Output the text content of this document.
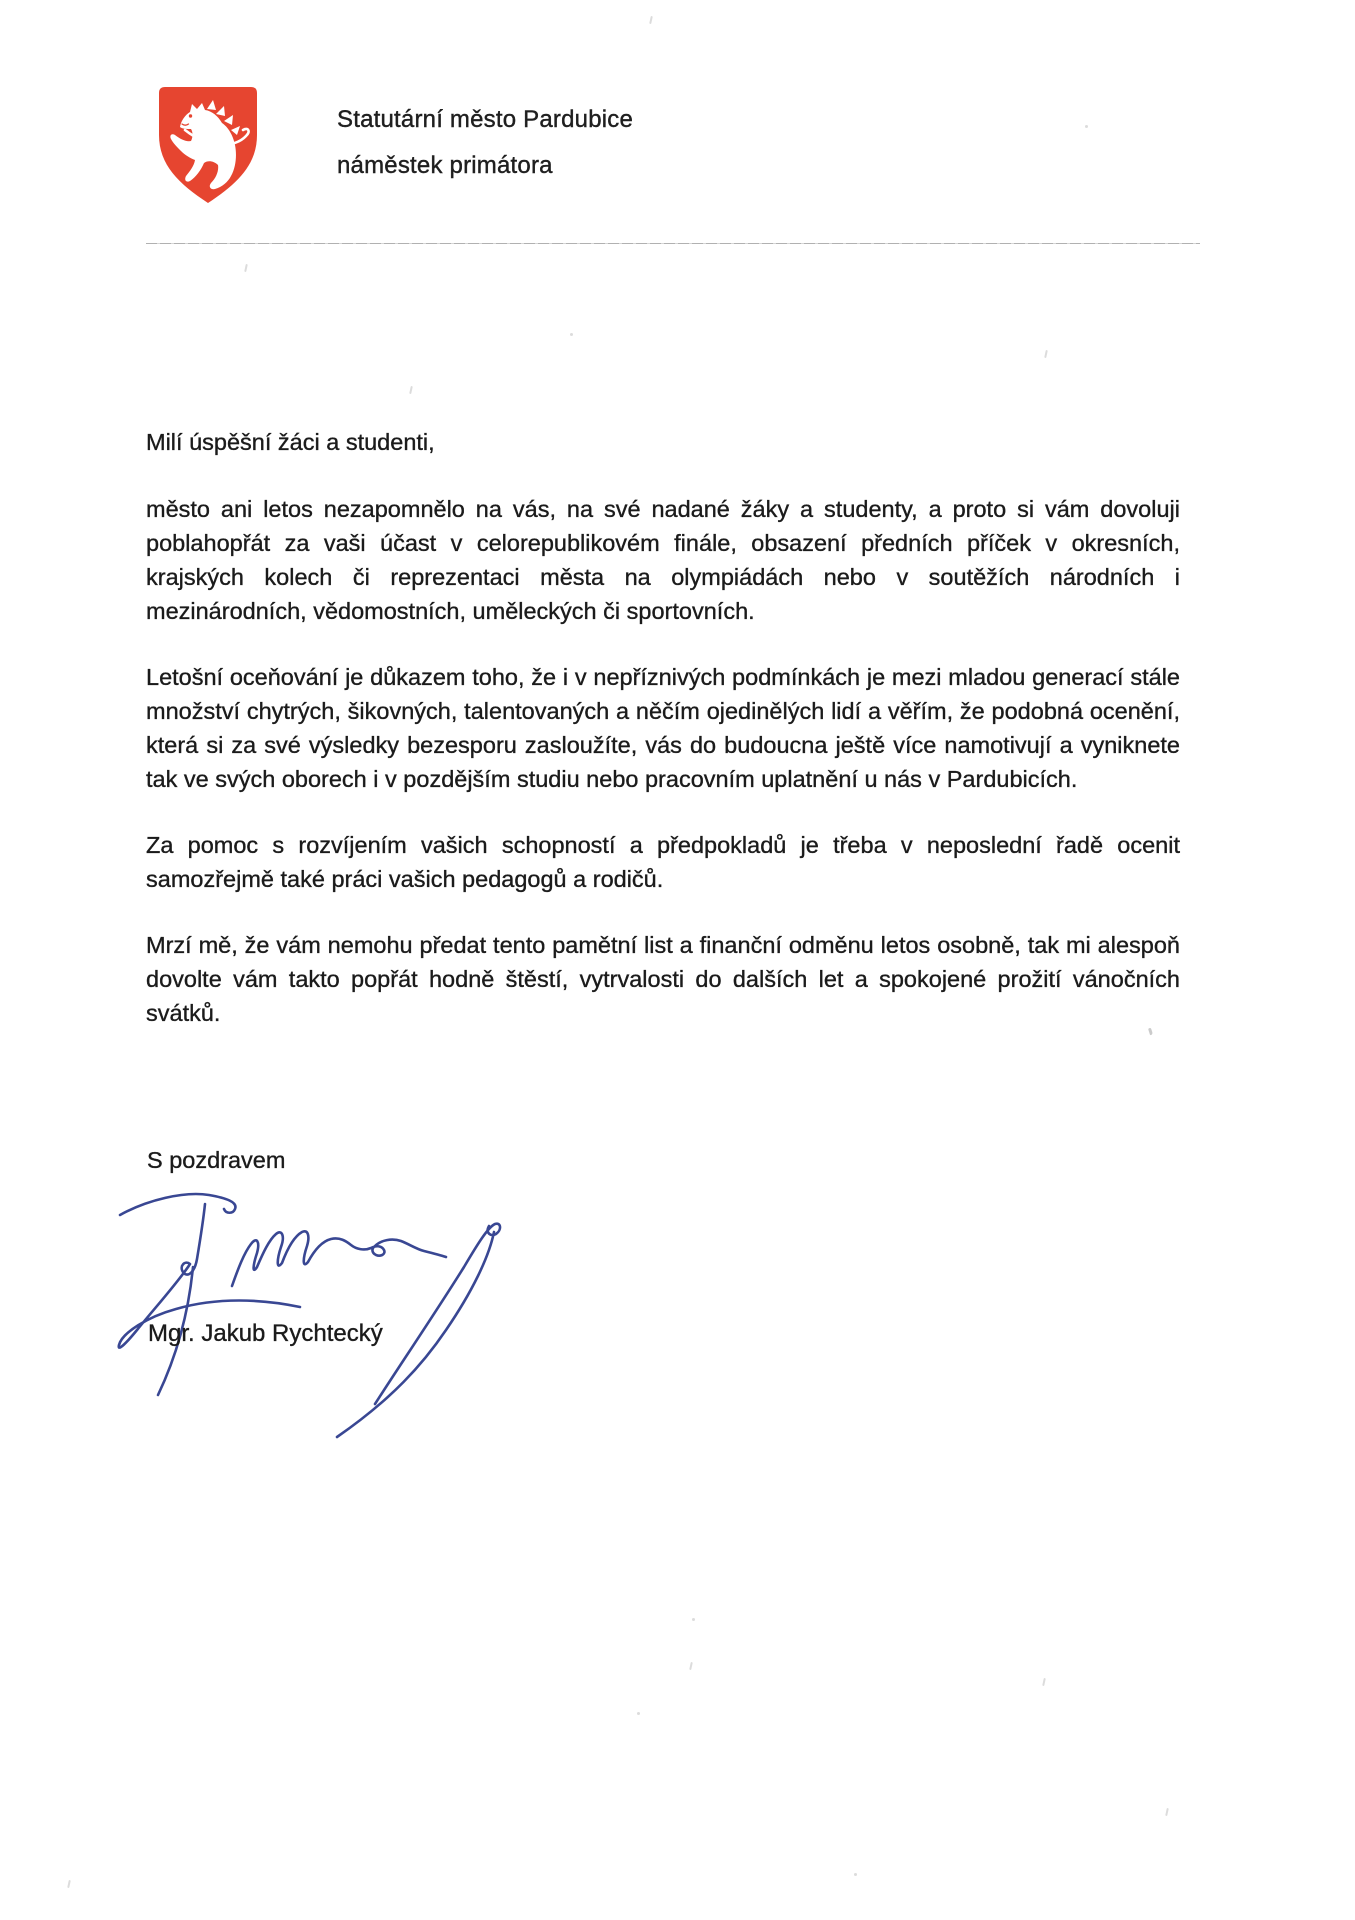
Statutární město Pardubice
náměstek primátora

Milí úspěšní žáci a studenti,

město ani letos nezapomnělo na vás, na své nadané žáky a studenty, a proto si vám dovoluji poblahopřát za vaši účast v celorepublikovém finále, obsazení předních příček v okresních, krajských kolech či reprezentaci města na olympiádách nebo v soutěžích národních i mezinárodních, vědomostních, uměleckých či sportovních.

Letošní oceňování je důkazem toho, že i v nepříznivých podmínkách je mezi mladou generací stále množství chytrých, šikovných, talentovaných a něčím ojedinělých lidí a věřím, že podobná ocenění, která si za své výsledky bezesporu zasloužíte, vás do budoucna ještě více namotivují a vyniknete tak ve svých oborech i v pozdějším studiu nebo pracovním uplatnění u nás v Pardubicích.

Za pomoc s rozvíjením vašich schopností a předpokladů je třeba v neposlední řadě ocenit samozřejmě také práci vašich pedagogů a rodičů.

Mrzí mě, že vám nemohu předat tento pamětní list a finanční odměnu letos osobně, tak mi alespoň dovolte vám takto popřát hodně štěstí, vytrvalosti do dalších let a spokojené prožití vánočních svátků.

S pozdravem
Mgr. Jakub Rychtecký
